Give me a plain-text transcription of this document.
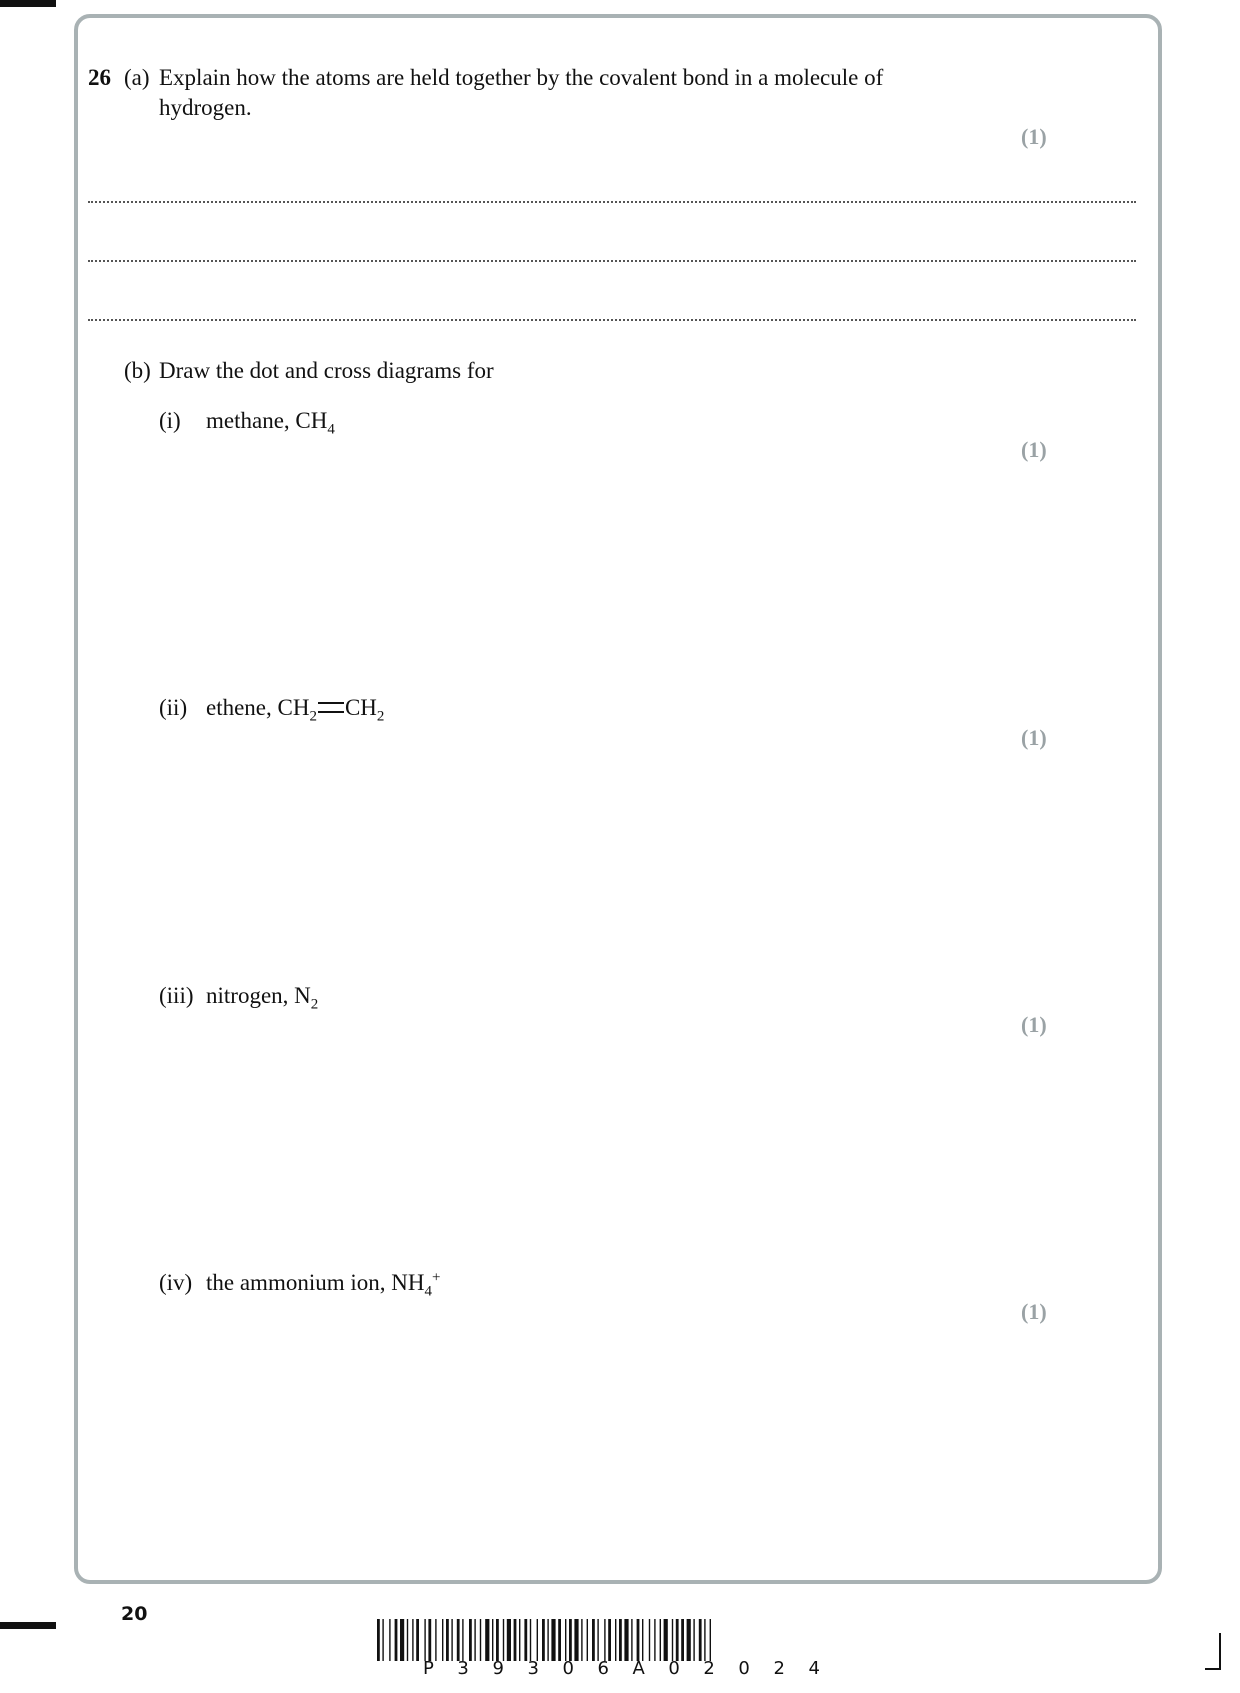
26 (a) Explain how the atoms are held together by the covalent bond in a molecule of
hydrogen.
(1)
(b) Draw the dot and cross diagrams for
(i) methane, $CH_4$
(1)
(ii) ethene, $CH_2$ $CH_2$
(1)
(iii) nitrogen, $N_2$
(1)
(iv) the ammonium ion, $NH_4^+$
(1)
20
P 3 9 3 0 6 A 0 2 0 2 4
